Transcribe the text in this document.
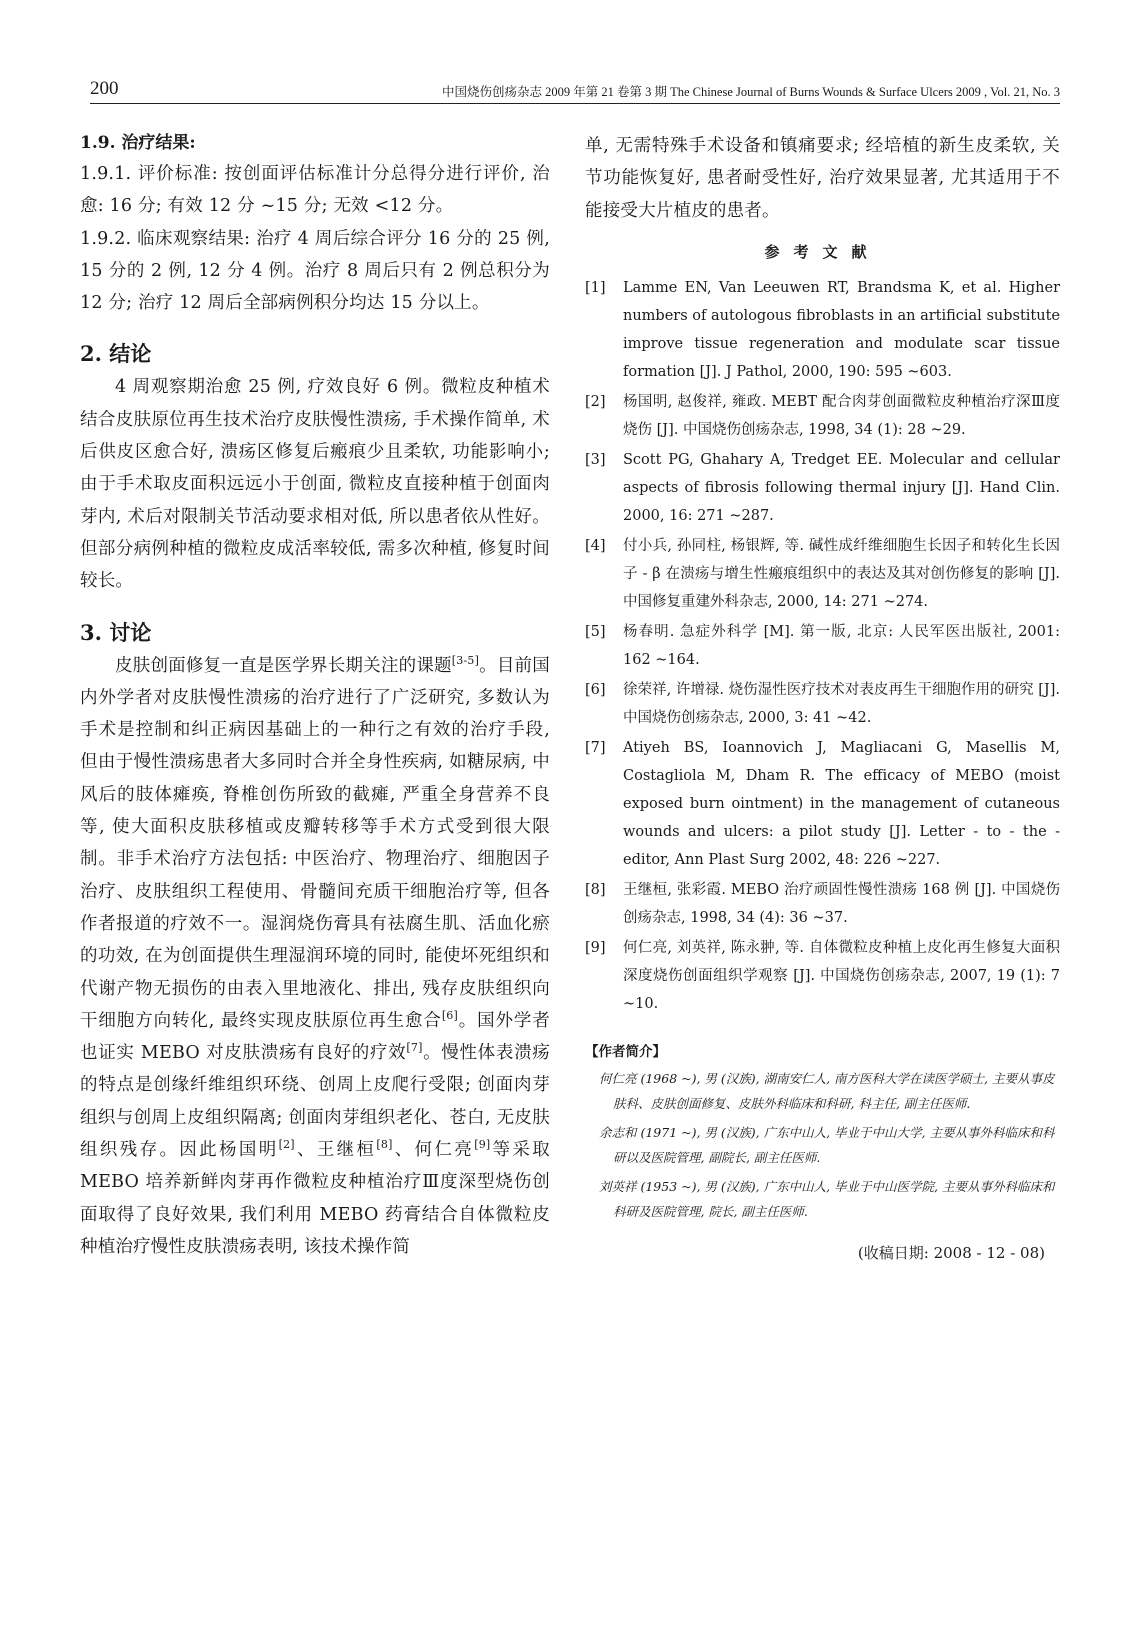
200	中国烧伤创疡杂志 2009 年第 21 卷第 3 期 The Chinese Journal of Burns Wounds & Surface Ulcers 2009 , Vol. 21, No. 3
1.9. 治疗结果:

1.9.1. 评价标准: 按创面评估标准计分总得分进行评价, 治愈: 16 分; 有效 12 分 ~15 分; 无效 <12 分。

1.9.2. 临床观察结果: 治疗 4 周后综合评分 16 分的 25 例, 15 分的 2 例, 12 分 4 例。治疗 8 周后只有 2 例总积分为 12 分; 治疗 12 周后全部病例积分均达 15 分以上。

2. 结论

4 周观察期治愈 25 例, 疗效良好 6 例。微粒皮种植术结合皮肤原位再生技术治疗皮肤慢性溃疡, 手术操作简单, 术后供皮区愈合好, 溃疡区修复后瘢痕少且柔软, 功能影响小; 由于手术取皮面积远远小于创面, 微粒皮直接种植于创面肉芽内, 术后对限制关节活动要求相对低, 所以患者依从性好。但部分病例种植的微粒皮成活率较低, 需多次种植, 修复时间较长。

3. 讨论

皮肤创面修复一直是医学界长期关注的课题[3-5]。目前国内外学者对皮肤慢性溃疡的治疗进行了广泛研究, 多数认为手术是控制和纠正病因基础上的一种行之有效的治疗手段, 但由于慢性溃疡患者大多同时合并全身性疾病, 如糖尿病, 中风后的肢体瘫痪, 脊椎创伤所致的截瘫, 严重全身营养不良等, 使大面积皮肤移植或皮瓣转移等手术方式受到很大限制。非手术治疗方法包括: 中医治疗、物理治疗、细胞因子治疗、皮肤组织工程使用、骨髓间充质干细胞治疗等, 但各作者报道的疗效不一。湿润烧伤膏具有祛腐生肌、活血化瘀的功效, 在为创面提供生理湿润环境的同时, 能使坏死组织和代谢产物无损伤的由表入里地液化、排出, 残存皮肤组织向干细胞方向转化, 最终实现皮肤原位再生愈合[6]。国外学者也证实 MEBO 对皮肤溃疡有良好的疗效[7]。慢性体表溃疡的特点是创缘纤维组织环绕、创周上皮爬行受限; 创面肉芽组织与创周上皮组织隔离; 创面肉芽组织老化、苍白, 无皮肤组织残存。因此杨国明[2]、王继桓[8]、何仁亮[9]等采取 MEBO 培养新鲜肉芽再作微粒皮种植治疗Ⅲ度深型烧伤创面取得了良好效果, 我们利用 MEBO 药膏结合自体微粒皮种植治疗慢性皮肤溃疡表明, 该技术操作简

单, 无需特殊手术设备和镇痛要求; 经培植的新生皮柔软, 关节功能恢复好, 患者耐受性好, 治疗效果显著, 尤其适用于不能接受大片植皮的患者。

参考文献
[1]	Lamme EN, Van Leeuwen RT, Brandsma K, et al. Higher numbers of autologous fibroblasts in an artificial substitute improve tissue regeneration and modulate scar tissue formation [J]. J Pathol, 2000, 190: 595 ~603.
[2]	杨国明, 赵俊祥, 雍政. MEBT 配合肉芽创面微粒皮种植治疗深Ⅲ度烧伤 [J]. 中国烧伤创疡杂志, 1998, 34 (1): 28 ~29.
[3]	Scott PG, Ghahary A, Tredget EE. Molecular and cellular aspects of fibrosis following thermal injury [J]. Hand Clin. 2000, 16: 271 ~287.
[4]	付小兵, 孙同柱, 杨银辉, 等. 碱性成纤维细胞生长因子和转化生长因子 - β 在溃疡与增生性瘢痕组织中的表达及其对创伤修复的影响 [J]. 中国修复重建外科杂志, 2000, 14: 271 ~274.
[5]	杨春明. 急症外科学 [M]. 第一版, 北京: 人民军医出版社, 2001: 162 ~164.
[6]	徐荣祥, 许增禄. 烧伤湿性医疗技术对表皮再生干细胞作用的研究 [J]. 中国烧伤创疡杂志, 2000, 3: 41 ~42.
[7]	Atiyeh BS, Ioannovich J, Magliacani G, Masellis M, Costagliola M, Dham R. The efficacy of MEBO (moist exposed burn ointment) in the management of cutaneous wounds and ulcers: a pilot study [J]. Letter - to - the - editor, Ann Plast Surg 2002, 48: 226 ~227.
[8]	王继桓, 张彩霞. MEBO 治疗顽固性慢性溃疡 168 例 [J]. 中国烧伤创疡杂志, 1998, 34 (4): 36 ~37.
[9]	何仁亮, 刘英祥, 陈永翀, 等. 自体微粒皮种植上皮化再生修复大面积深度烧伤创面组织学观察 [J]. 中国烧伤创疡杂志, 2007, 19 (1): 7 ~10.
【作者简介】

何仁亮 (1968 ~), 男 (汉族), 湖南安仁人, 南方医科大学在读医学硕士, 主要从事皮肤科、皮肤创面修复、皮肤外科临床和科研, 科主任, 副主任医师.

余志和 (1971 ~), 男 (汉族), 广东中山人, 毕业于中山大学, 主要从事外科临床和科研以及医院管理, 副院长, 副主任医师.

刘英祥 (1953 ~), 男 (汉族), 广东中山人, 毕业于中山医学院, 主要从事外科临床和科研及医院管理, 院长, 副主任医师.

(收稿日期: 2008 - 12 - 08)
